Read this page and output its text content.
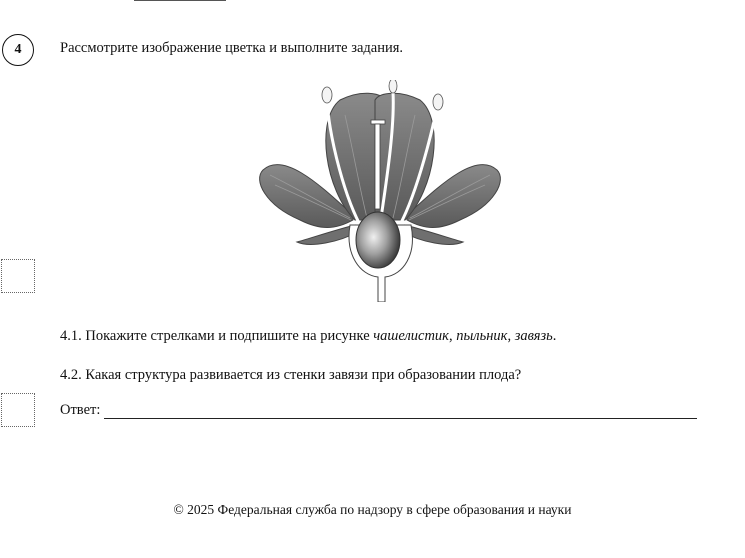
4	Рассмотрите изображение цветка и выполните задания.
4.1. Покажите стрелками и подпишите на рисунке чашелистик, пыльник, завязь.
4.2. Какая структура развивается из стенки завязи при образовании плода?
Ответ:
© 2025 Федеральная служба по надзору в сфере образования и науки
